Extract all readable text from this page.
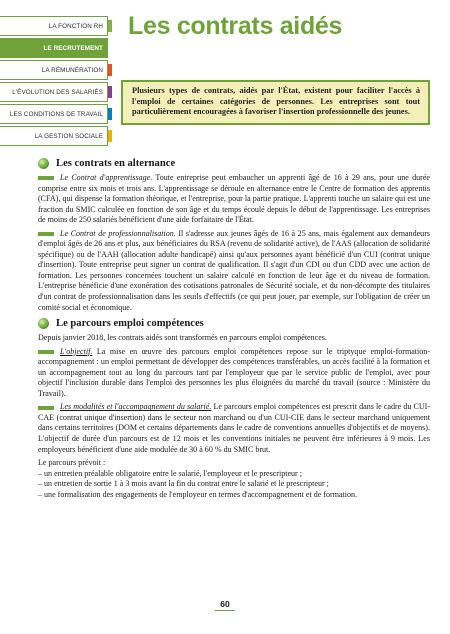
LA FONCTION RH
LE RECRUTEMENT
LA RÉMUNÉRATION
L'ÉVOLUTION DES SALARIÉS
LES CONDITIONS DE TRAVAIL
LA GESTION SOCIALE
Les contrats aidés
Plusieurs types de contrats, aidés par l'État, existent pour faciliter l'accès à l'emploi de certaines catégories de personnes. Les entreprises sont tout particulièrement encouragées à favoriser l'insertion professionnelle des jeunes.
Les contrats en alternance

Le Contrat d'apprentissage. Toute entreprise peut embaucher un apprenti âgé de 16 à 29 ans, pour une durée comprise entre six mois et trois ans. L'apprentissage se déroule en alternance entre le Centre de formation des apprentis (CFA), qui dispense la formation théorique, et l'entreprise, pour la partie pratique. L'apprenti touche un salaire qui est une fraction du SMIC calculée en fonction de son âge et du temps écoulé depuis le début de l'apprentissage. Les entreprises de moins de 250 salariés bénéficient d'une aide forfaitaire de l'État.

Le Contrat de professionnalisation. Il s'adresse aux jeunes âgés de 16 à 25 ans, mais également aux demandeurs d'emploi âgés de 26 ans et plus, aux bénéficiaires du RSA (revenu de solidarité active), de l'AAS (allocation de solidarité spécifique) ou de l'AAH (allocation adulte handicapé) ainsi qu'aux personnes ayant bénéficié d'un CUI (contrat unique d'insertion). Toute entreprise peut signer un contrat de qualification. Il s'agit d'un CDI ou d'un CDD avec une action de formation. Les personnes concernées touchent un salaire calculé en fonction de leur âge et du niveau de formation. L'entreprise bénéficie d'une exonération des cotisations patronales de Sécurité sociale, et du non-décompte des titulaires d'un contrat de professionnalisation dans les seuils d'effectifs (ce qui peut jouer, par exemple, sur l'obligation de créer un comité social et économique.

Le parcours emploi compétences

Depuis janvier 2018, les contrats aidés sont transformés en parcours emploi compétences.

L'objectif. La mise en œuvre des parcours emploi compétences repose sur le triptyque emploi-formation-accompagnement : un emploi permettant de développer des compétences transférables, un accès facilité à la formation et un accompagnement tout au long du parcours tant par l'employeur que par le service public de l'emploi, avec pour objectif l'inclusion durable dans l'emploi des personnes les plus éloignées du marché du travail (source : Ministère du Travail).

Les modalités et l'accompagnement du salarié. Le parcours emploi compétences est prescrit dans le cadre du CUI-CAE (contrat unique d'insertion) dans le secteur non marchand ou d'un CUI-CIE dans le secteur marchand uniquement dans certains territoires (DOM et certains départements dans le cadre de conventions annuelles d'objectifs et de moyens). L'objectif de durée d'un parcours est de 12 mois et les conventions initiales ne peuvent être inférieures à 9 mois. Les employeurs bénéficient d'une aide modulée de 30 à 60 % du SMIC brut.

Le parcours prévoit :

– un entretien préalable obligatoire entre le salarié, l'employeur et le prescripteur ;

– un entretien de sortie 1 à 3 mois avant la fin du contrat entre le salarié et le prescripteur ;

– une formalisation des engagements de l'employeur en termes d'accompagnement et de formation.

60
